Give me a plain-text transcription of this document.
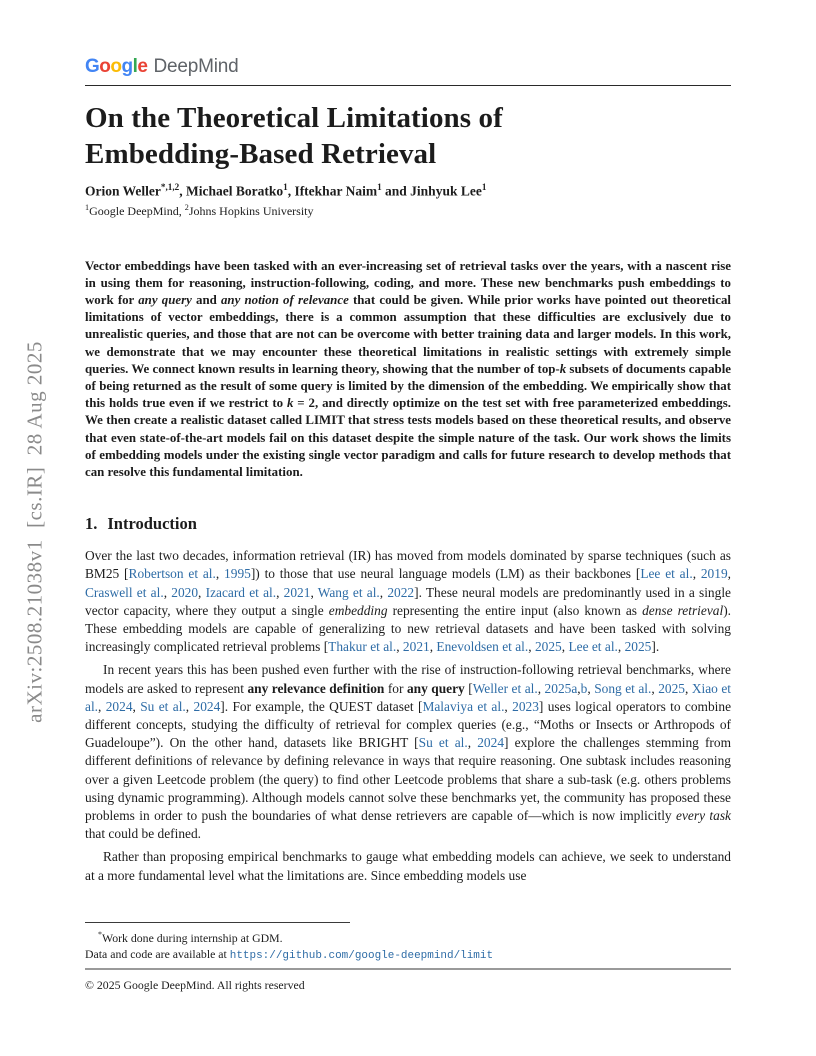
arXiv:2508.21038v1  [cs.IR]  28 Aug 2025
Google DeepMind
On the Theoretical Limitations of
Embedding-Based Retrieval
Orion Weller$^{*,1,2}$, Michael Boratko$^1$, Iftekhar Naim$^1$ and Jinhyuk Lee$^1$
$^1$Google DeepMind, $^2$Johns Hopkins University
Vector embeddings have been tasked with an ever-increasing set of retrieval tasks over the years, with a nascent rise in using them for reasoning, instruction-following, coding, and more. These new benchmarks push embeddings to work for any query and any notion of relevance that could be given. While prior works have pointed out theoretical limitations of vector embeddings, there is a common assumption that these difficulties are exclusively due to unrealistic queries, and those that are not can be overcome with better training data and larger models. In this work, we demonstrate that we may encounter these theoretical limitations in realistic settings with extremely simple queries. We connect known results in learning theory, showing that the number of top-k subsets of documents capable of being returned as the result of some query is limited by the dimension of the embedding. We empirically show that this holds true even if we restrict to k = 2, and directly optimize on the test set with free parameterized embeddings. We then create a realistic dataset called LIMIT that stress tests models based on these theoretical results, and observe that even state-of-the-art models fail on this dataset despite the simple nature of the task. Our work shows the limits of embedding models under the existing single vector paradigm and calls for future research to develop methods that can resolve this fundamental limitation.
1. Introduction

Over the last two decades, information retrieval (IR) has moved from models dominated by sparse techniques (such as BM25 [Robertson et al., 1995]) to those that use neural language models (LM) as their backbones [Lee et al., 2019, Craswell et al., 2020, Izacard et al., 2021, Wang et al., 2022]. These neural models are predominantly used in a single vector capacity, where they output a single embedding representing the entire input (also known as dense retrieval). These embedding models are capable of generalizing to new retrieval datasets and have been tasked with solving increasingly complicated retrieval problems [Thakur et al., 2021, Enevoldsen et al., 2025, Lee et al., 2025].

In recent years this has been pushed even further with the rise of instruction-following retrieval benchmarks, where models are asked to represent any relevance definition for any query [Weller et al., 2025a,b, Song et al., 2025, Xiao et al., 2024, Su et al., 2024]. For example, the QUEST dataset [Malaviya et al., 2023] uses logical operators to combine different concepts, studying the difficulty of retrieval for complex queries (e.g., “Moths or Insects or Arthropods of Guadeloupe”). On the other hand, datasets like BRIGHT [Su et al., 2024] explore the challenges stemming from different definitions of relevance by defining relevance in ways that require reasoning. One subtask includes reasoning over a given Leetcode problem (the query) to find other Leetcode problems that share a sub-task (e.g. others problems using dynamic programming). Although models cannot solve these benchmarks yet, the community has proposed these problems in order to push the boundaries of what dense retrievers are capable of—which is now implicitly every task that could be defined.

Rather than proposing empirical benchmarks to gauge what embedding models can achieve, we seek to understand at a more fundamental level what the limitations are. Since embedding models use

*Work done during internship at GDM.
Data and code are available at https://github.com/google-deepmind/limit
© 2025 Google DeepMind. All rights reserved
